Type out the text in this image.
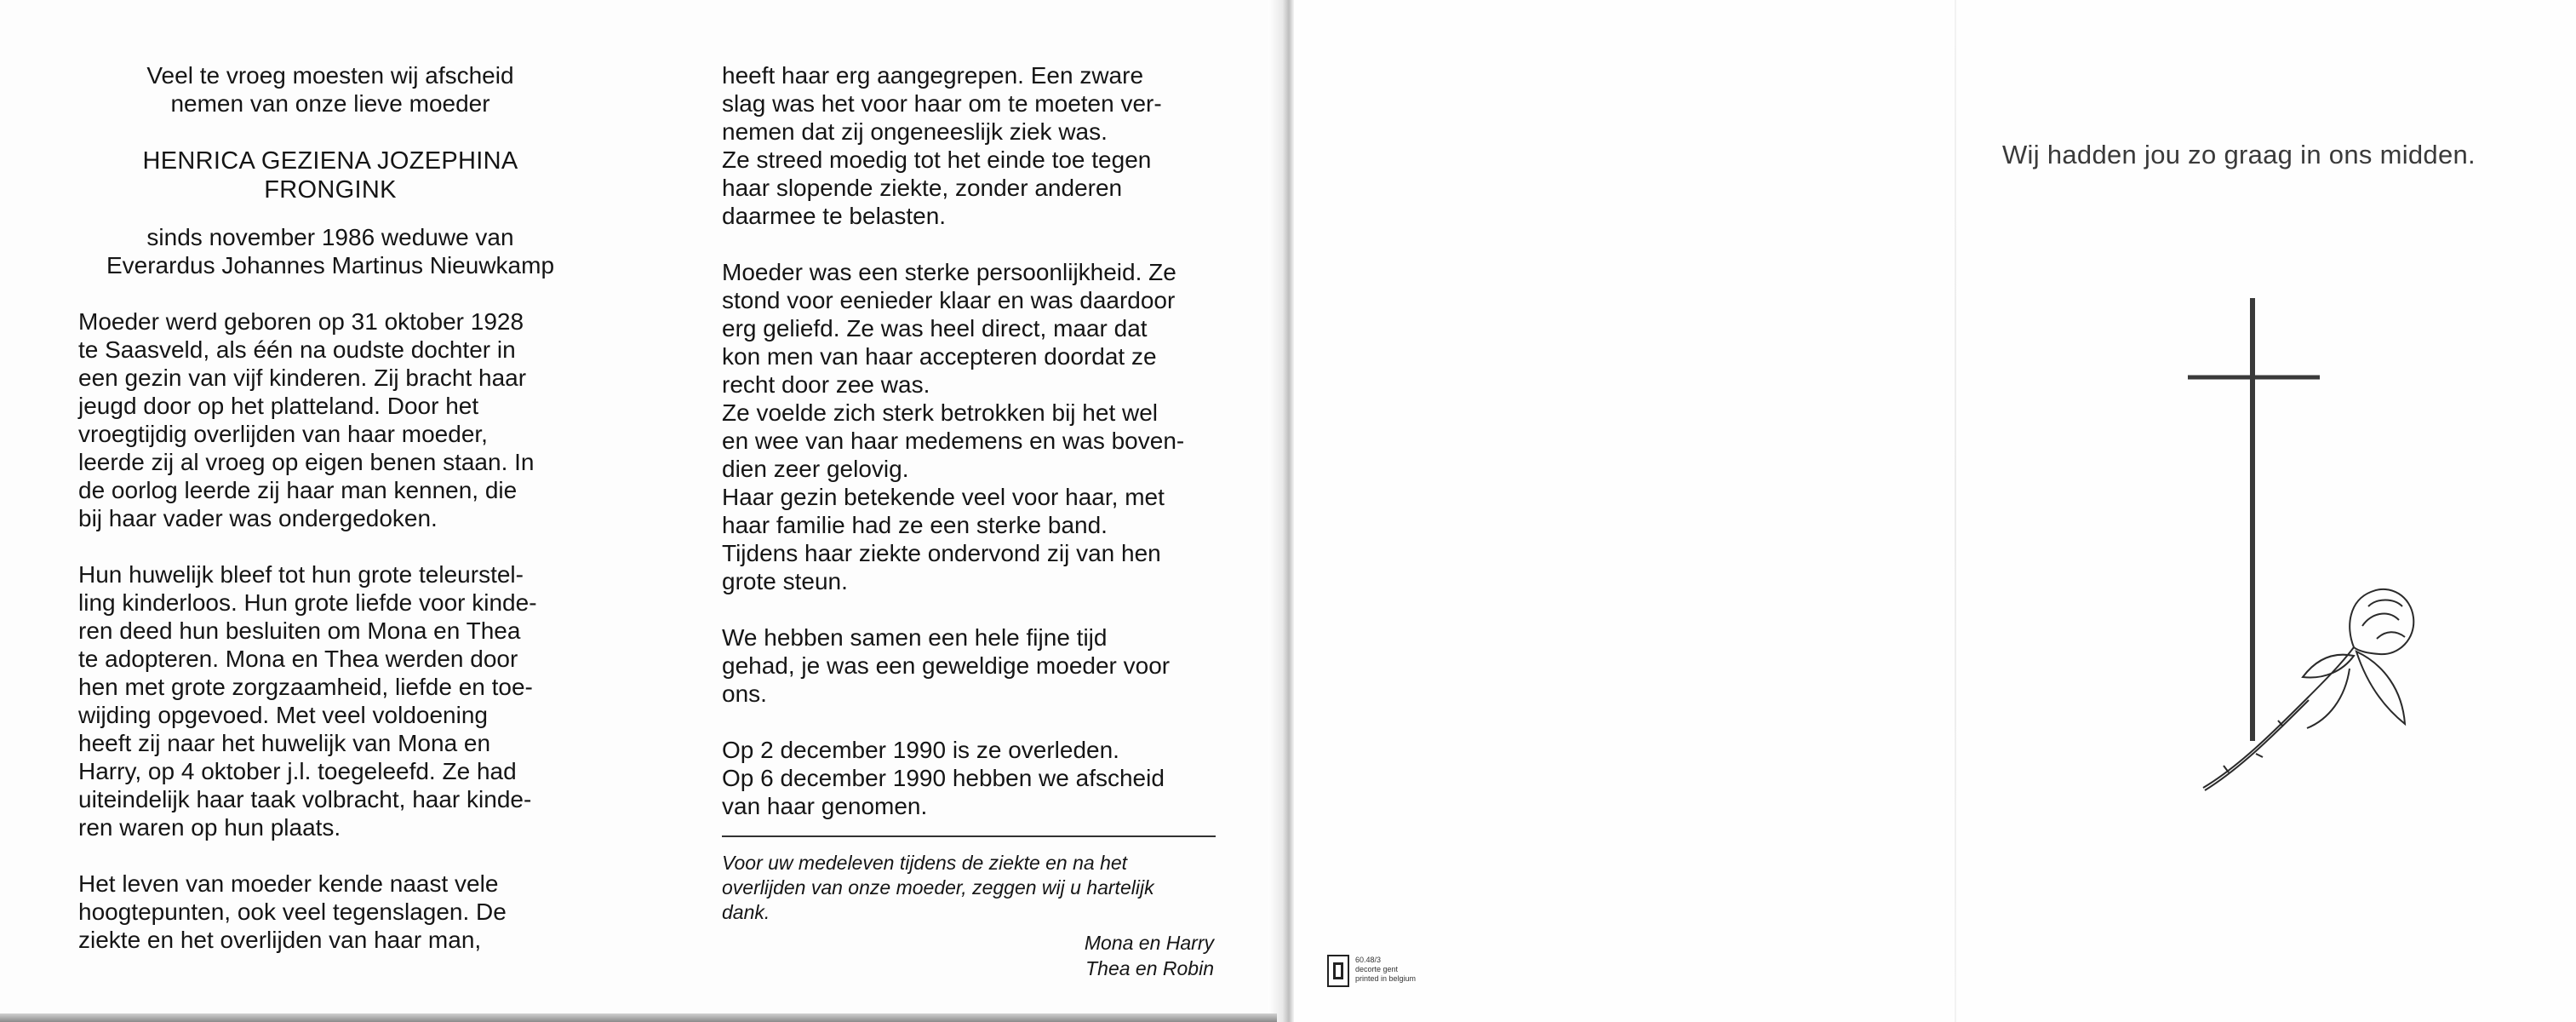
Veel te vroeg moesten wij afscheid

nemen van onze lieve moeder

HENRICA GEZIENA JOZEPHINA

FRONGINK

sinds november 1986 weduwe van

Everardus Johannes Martinus Nieuwkamp

Moeder werd geboren op 31 oktober 1928

te Saasveld, als één na oudste dochter in

een gezin van vijf kinderen. Zij bracht haar

jeugd door op het platteland. Door het

vroegtijdig overlijden van haar moeder,

leerde zij al vroeg op eigen benen staan. In

de oorlog leerde zij haar man kennen, die

bij haar vader was ondergedoken.

Hun huwelijk bleef tot hun grote teleurstel-

ling kinderloos. Hun grote liefde voor kinde-

ren deed hun besluiten om Mona en Thea

te adopteren. Mona en Thea werden door

hen met grote zorgzaamheid, liefde en toe-

wijding opgevoed. Met veel voldoening

heeft zij naar het huwelijk van Mona en

Harry, op 4 oktober j.l. toegeleefd. Ze had

uiteindelijk haar taak volbracht, haar kinde-

ren waren op hun plaats.

Het leven van moeder kende naast vele

hoogtepunten, ook veel tegenslagen. De

ziekte en het overlijden van haar man,

heeft haar erg aangegrepen. Een zware

slag was het voor haar om te moeten ver-

nemen dat zij ongeneeslijk ziek was.

Ze streed moedig tot het einde toe tegen

haar slopende ziekte, zonder anderen

daarmee te belasten.

Moeder was een sterke persoonlijkheid. Ze

stond voor eenieder klaar en was daardoor

erg geliefd. Ze was heel direct, maar dat

kon men van haar accepteren doordat ze

recht door zee was.

Ze voelde zich sterk betrokken bij het wel

en wee van haar medemens en was boven-

dien zeer gelovig.

Haar gezin betekende veel voor haar, met

haar familie had ze een sterke band.

Tijdens haar ziekte ondervond zij van hen

grote steun.

We hebben samen een hele fijne tijd

gehad, je was een geweldige moeder voor

ons.

Op 2 december 1990 is ze overleden.

Op 6 december 1990 hebben we afscheid

van haar genomen.

Voor uw medeleven tijdens de ziekte en na het

overlijden van onze moeder, zeggen wij u hartelijk

dank.

Mona en Harry

Thea en Robin

Wij hadden jou zo graag in ons midden.
60.48/3
decorte gent
printed in belgium
